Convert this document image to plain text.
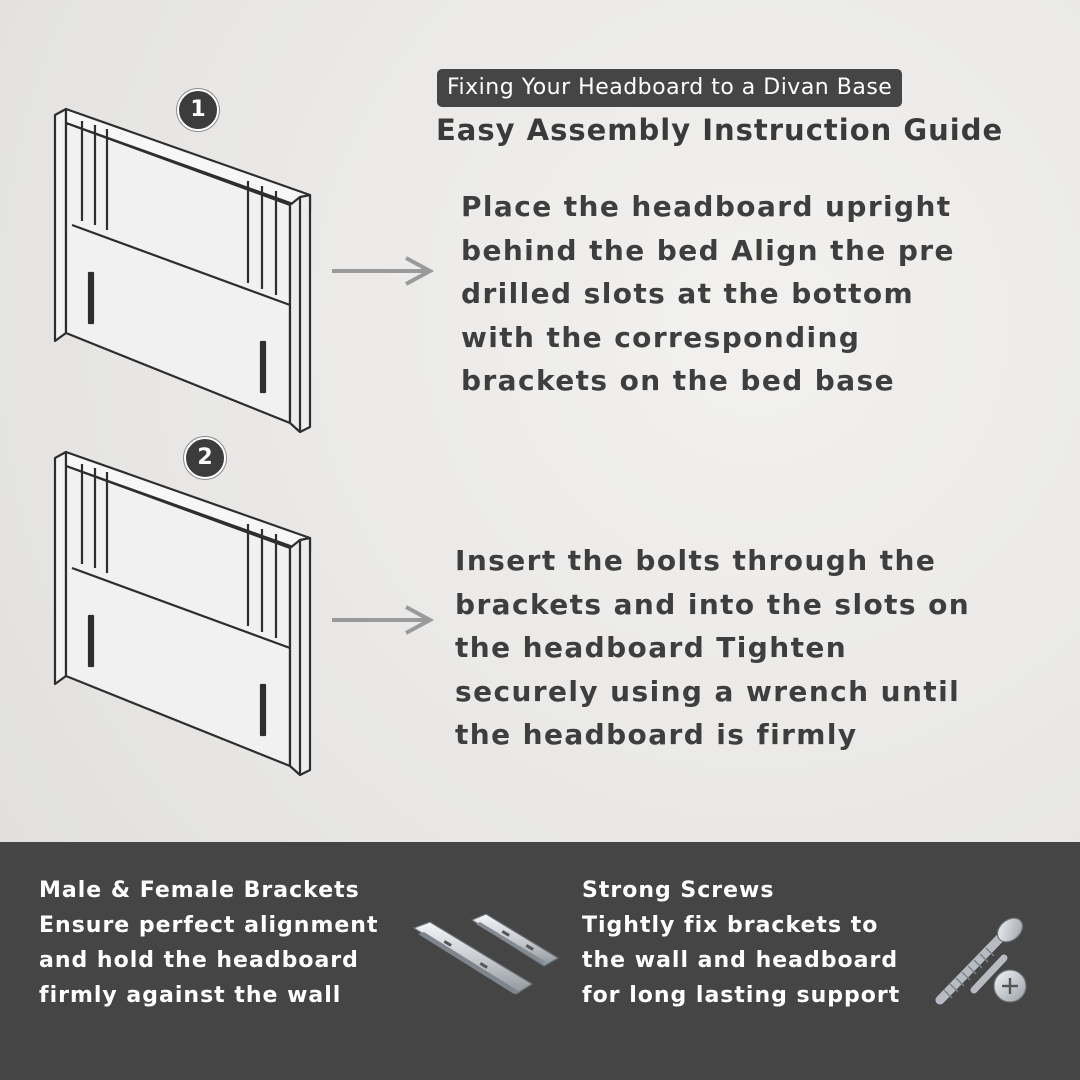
Fixing Your Headboard to a Divan Base
Easy Assembly Instruction Guide
1
Place the headboard upright
behind the bed Align the pre
drilled slots at the bottom
with the corresponding
brackets on the bed base
2
Insert the bolts through the
brackets and into the slots on
the headboard Tighten
securely using a wrench until
the headboard is firmly
Male & Female Brackets
Ensure perfect alignment
and hold the headboard
firmly against the wall
Strong Screws
Tightly fix brackets to
the wall and headboard
for long lasting support
